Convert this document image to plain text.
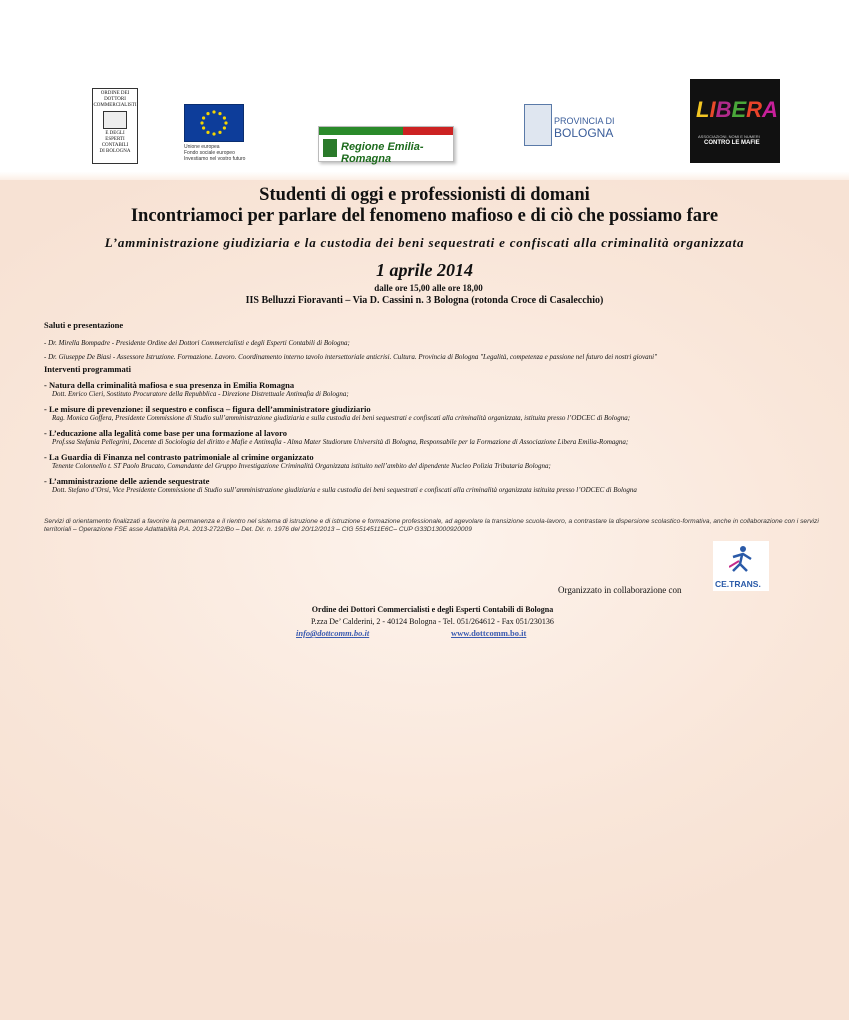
ORDINE DEI
DOTTORI
COMMERCIALISTI
E DEGLI
ESPERTI CONTABILI
DI BOLOGNA
Unione europea
Fondo sociale europeo
Investiamo nel vostro futuro
Regione Emilia-Romagna
PROVINCIA DI
BOLOGNA
LIBERA
ASSOCIAZIONI, NOMI E NUMERI
CONTRO LE MAFIE
Studenti di oggi e professionisti di domani
Incontriamoci per parlare del fenomeno mafioso e di ciò che possiamo fare
L’amministrazione giudiziaria e la custodia dei beni sequestrati e confiscati alla criminalità organizzata
1 aprile 2014
dalle ore 15,00 alle ore 18,00
IIS Belluzzi Fioravanti – Via D. Cassini n. 3 Bologna (rotonda Croce di Casalecchio)
Saluti e presentazione
- Dr. Mirella Bompadre - Presidente Ordine dei Dottori Commercialisti e degli Esperti Contabili di Bologna;
- Dr. Giuseppe De Biasi - Assessore Istruzione. Formazione. Lavoro. Coordinamento interno tavolo intersettoriale anticrisi. Cultura. Provincia di Bologna "Legalità, competenza e passione nel futuro dei nostri giovani"
Interventi programmati
- Natura della criminalità mafiosa e sua presenza in Emilia Romagna
Dott. Enrico Cieri, Sostituto Procuratore della Repubblica - Direzione Distrettuale Antimafia di Bologna;
- Le misure di prevenzione: il sequestro e confisca – figura dell’amministratore giudiziario
Rag. Monica Goffera, Presidente Commissione di Studio sull’amministrazione giudiziaria e sulla custodia dei beni sequestrati e confiscati alla criminalità organizzata, istituita presso l’ODCEC di Bologna;
- L’educazione alla legalità come base per una formazione al lavoro
Prof.ssa Stefania Pellegrini, Docente di Sociologia del diritto e Mafie e Antimafia - Alma Mater Studiorum Università di Bologna, Responsabile per la Formazione di Associazione Libera Emilia-Romagna;
- La Guardia di Finanza nel contrasto patrimoniale al crimine organizzato
Tenente Colonnello t. ST Paolo Brucato, Comandante del Gruppo Investigazione Criminalità Organizzata istituito nell’ambito del dipendente Nucleo Polizia Tributaria Bologna;
- L’amministrazione delle aziende sequestrate
Dott. Stefano d’Orsi, Vice Presidente Commissione di Studio sull’amministrazione giudiziaria e sulla custodia dei beni sequestrati e confiscati alla criminalità organizzata istituita presso l’ODCEC di Bologna
Servizi di orientamento finalizzati a favorire la permanenza e il rientro nel sistema di istruzione e di istruzione e formazione professionale, ad agevolare la transizione scuola-lavoro, a contrastare la dispersione scolastico-formativa, anche in collaborazione con i servizi territoriali – Operazione FSE asse Adattabilità P.A. 2013-2722/Bo – Det. Dir. n. 1976 del 20/12/2013 – CIG 5514511E6C– CUP G33D13000920009
Organizzato in collaborazione con
CE.TRANS.
Ordine dei Dottori Commercialisti e degli Esperti Contabili di Bologna
P.zza De’ Calderini, 2 - 40124 Bologna - Tel. 051/264612 - Fax 051/230136
info@dottcomm.bo.it	www.dottcomm.bo.it
